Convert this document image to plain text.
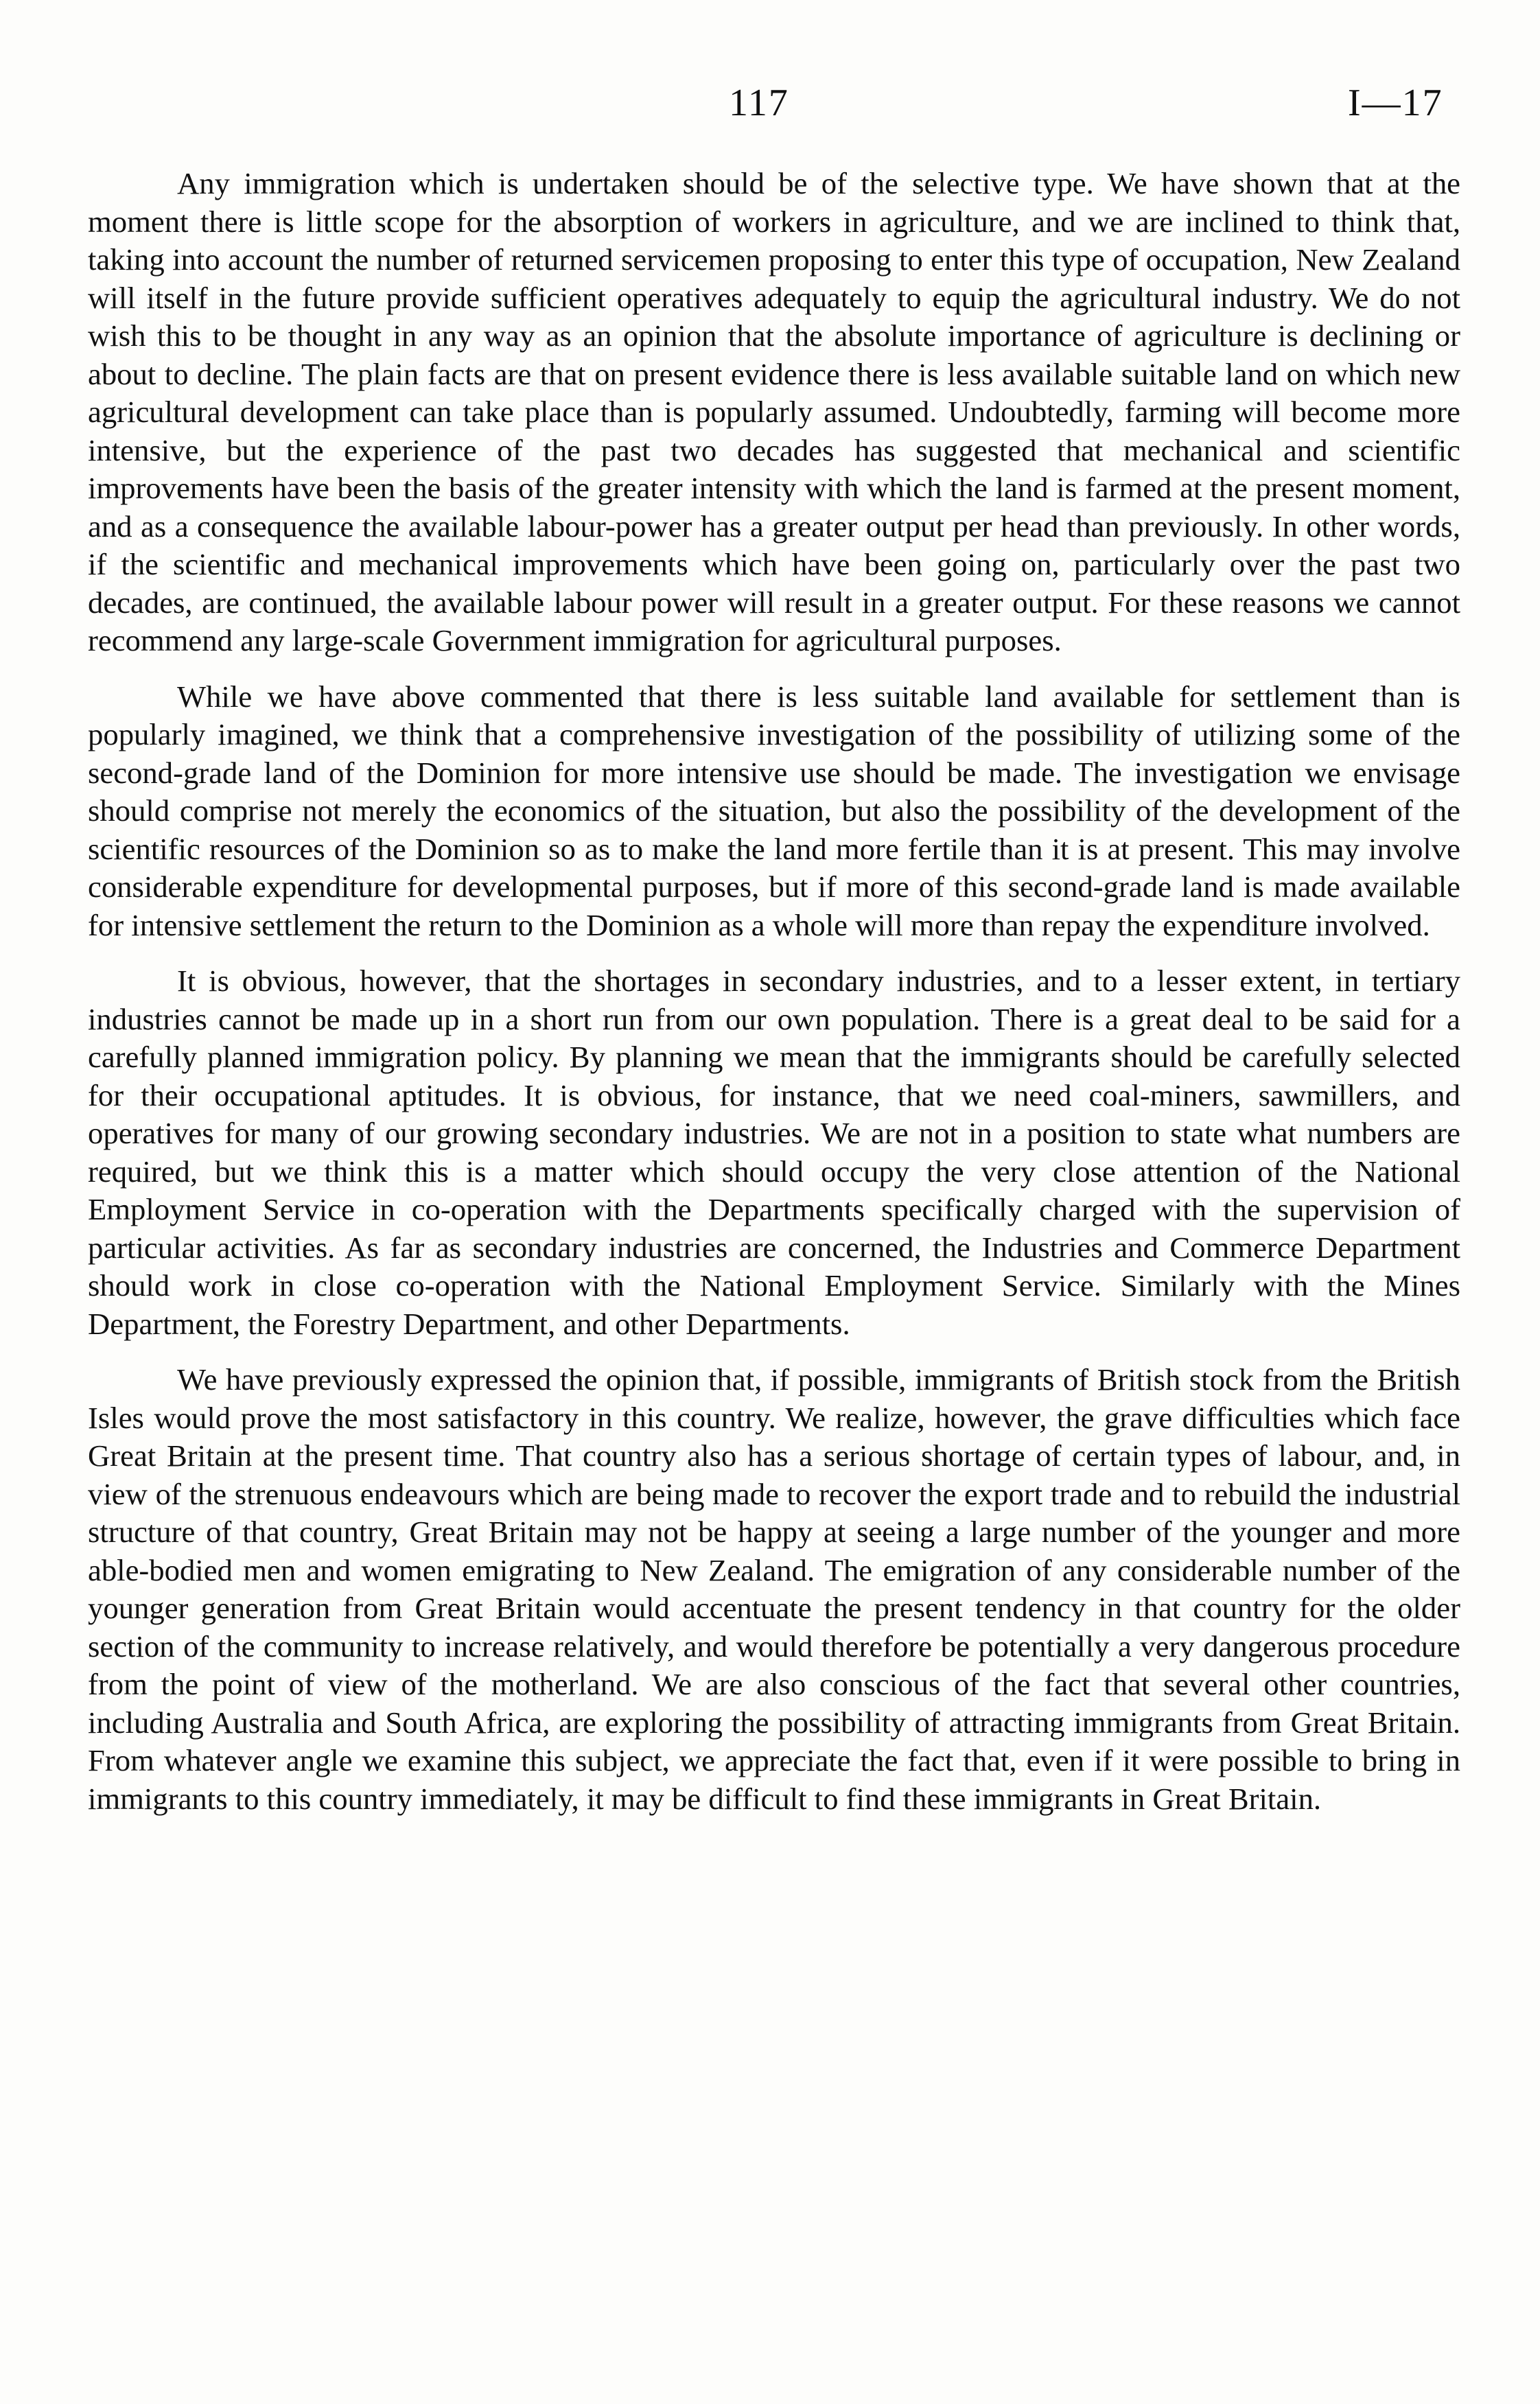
117	I—17

Any immigration which is undertaken should be of the selective type. We have shown that at the moment there is little scope for the absorption of workers in agriculture, and we are inclined to think that, taking into account the number of returned servicemen proposing to enter this type of occupation, New Zealand will itself in the future provide sufficient operatives adequately to equip the agricultural industry. We do not wish this to be thought in any way as an opinion that the absolute importance of agriculture is declining or about to decline. The plain facts are that on present evidence there is less available suitable land on which new agricultural development can take place than is popularly assumed. Undoubtedly, farming will become more intensive, but the experience of the past two decades has suggested that mechanical and scientific improvements have been the basis of the greater intensity with which the land is farmed at the present moment, and as a consequence the available labour-power has a greater output per head than previously. In other words, if the scientific and mechanical improvements which have been going on, particularly over the past two decades, are continued, the available labour power will result in a greater output. For these reasons we cannot recommend any large-scale Government immigration for agricultural purposes.

While we have above commented that there is less suitable land available for settlement than is popularly imagined, we think that a comprehensive investigation of the possibility of utilizing some of the second-grade land of the Dominion for more intensive use should be made. The investigation we envisage should comprise not merely the economics of the situation, but also the possibility of the development of the scientific resources of the Dominion so as to make the land more fertile than it is at present. This may involve considerable expenditure for developmental purposes, but if more of this second-grade land is made available for intensive settlement the return to the Dominion as a whole will more than repay the expenditure involved.

It is obvious, however, that the shortages in secondary industries, and to a lesser extent, in tertiary industries cannot be made up in a short run from our own population. There is a great deal to be said for a carefully planned immigration policy. By planning we mean that the immigrants should be carefully selected for their occupational aptitudes. It is obvious, for instance, that we need coal-miners, sawmillers, and operatives for many of our growing secondary industries. We are not in a position to state what numbers are required, but we think this is a matter which should occupy the very close attention of the National Employment Service in co-operation with the Departments specifically charged with the supervision of particular activities. As far as secondary industries are concerned, the Industries and Commerce Department should work in close co-operation with the National Employment Service. Similarly with the Mines Department, the Forestry Department, and other Departments.

We have previously expressed the opinion that, if possible, immigrants of British stock from the British Isles would prove the most satisfactory in this country. We realize, however, the grave difficulties which face Great Britain at the present time. That country also has a serious shortage of certain types of labour, and, in view of the strenuous endeavours which are being made to recover the export trade and to rebuild the industrial structure of that country, Great Britain may not be happy at seeing a large number of the younger and more able-bodied men and women emigrating to New Zealand. The emigration of any considerable number of the younger generation from Great Britain would accentuate the present tendency in that country for the older section of the community to increase relatively, and would therefore be potentially a very dangerous procedure from the point of view of the motherland. We are also conscious of the fact that several other countries, including Australia and South Africa, are exploring the possibility of attracting immigrants from Great Britain. From whatever angle we examine this subject, we appreciate the fact that, even if it were possible to bring in immigrants to this country immediately, it may be difficult to find these immigrants in Great Britain.
